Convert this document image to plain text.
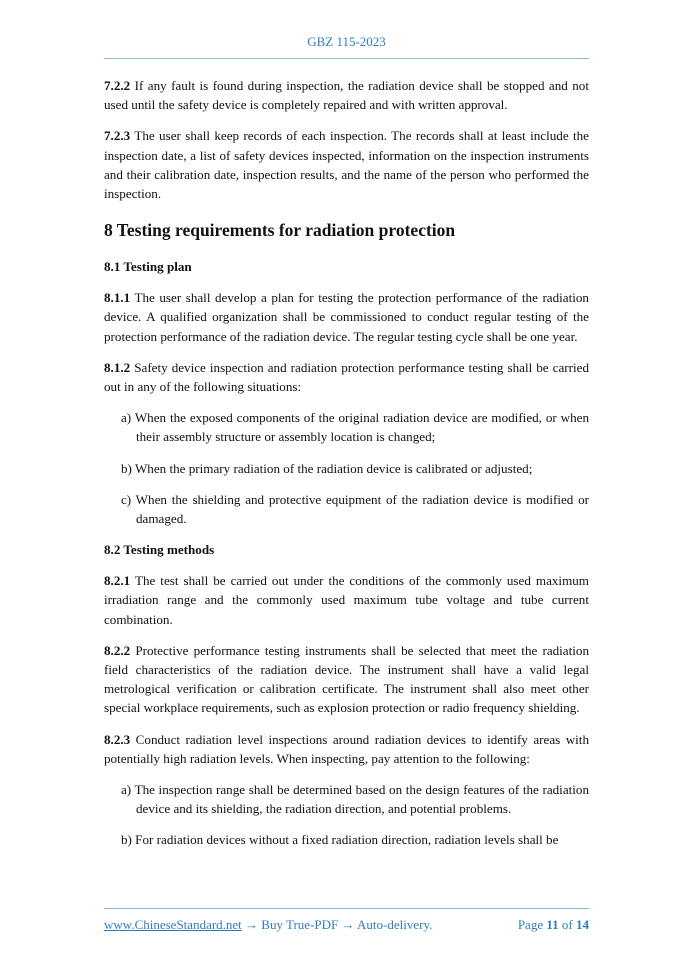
GBZ 115-2023

7.2.2 If any fault is found during inspection, the radiation device shall be stopped and not used until the safety device is completely repaired and with written approval.

7.2.3 The user shall keep records of each inspection. The records shall at least include the inspection date, a list of safety devices inspected, information on the inspection instruments and their calibration date, inspection results, and the name of the person who performed the inspection.

8 Testing requirements for radiation protection
8.1 Testing plan

8.1.1 The user shall develop a plan for testing the protection performance of the radiation device. A qualified organization shall be commissioned to conduct regular testing of the protection performance of the radiation device. The regular testing cycle shall be one year.

8.1.2 Safety device inspection and radiation protection performance testing shall be carried out in any of the following situations:

a) When the exposed components of the original radiation device are modified, or when their assembly structure or assembly location is changed;

b) When the primary radiation of the radiation device is calibrated or adjusted;

c) When the shielding and protective equipment of the radiation device is modified or damaged.

8.2 Testing methods

8.2.1 The test shall be carried out under the conditions of the commonly used maximum irradiation range and the commonly used maximum tube voltage and tube current combination.

8.2.2 Protective performance testing instruments shall be selected that meet the radiation field characteristics of the radiation device. The instrument shall have a valid legal metrological verification or calibration certificate. The instrument shall also meet other special workplace requirements, such as explosion protection or radio frequency shielding.

8.2.3 Conduct radiation level inspections around radiation devices to identify areas with potentially high radiation levels. When inspecting, pay attention to the following:

a) The inspection range shall be determined based on the design features of the radiation device and its shielding, the radiation direction, and potential problems.

b) For radiation devices without a fixed radiation direction, radiation levels shall be

www.ChineseStandard.net → Buy True-PDF → Auto-delivery.	Page 11 of 14
